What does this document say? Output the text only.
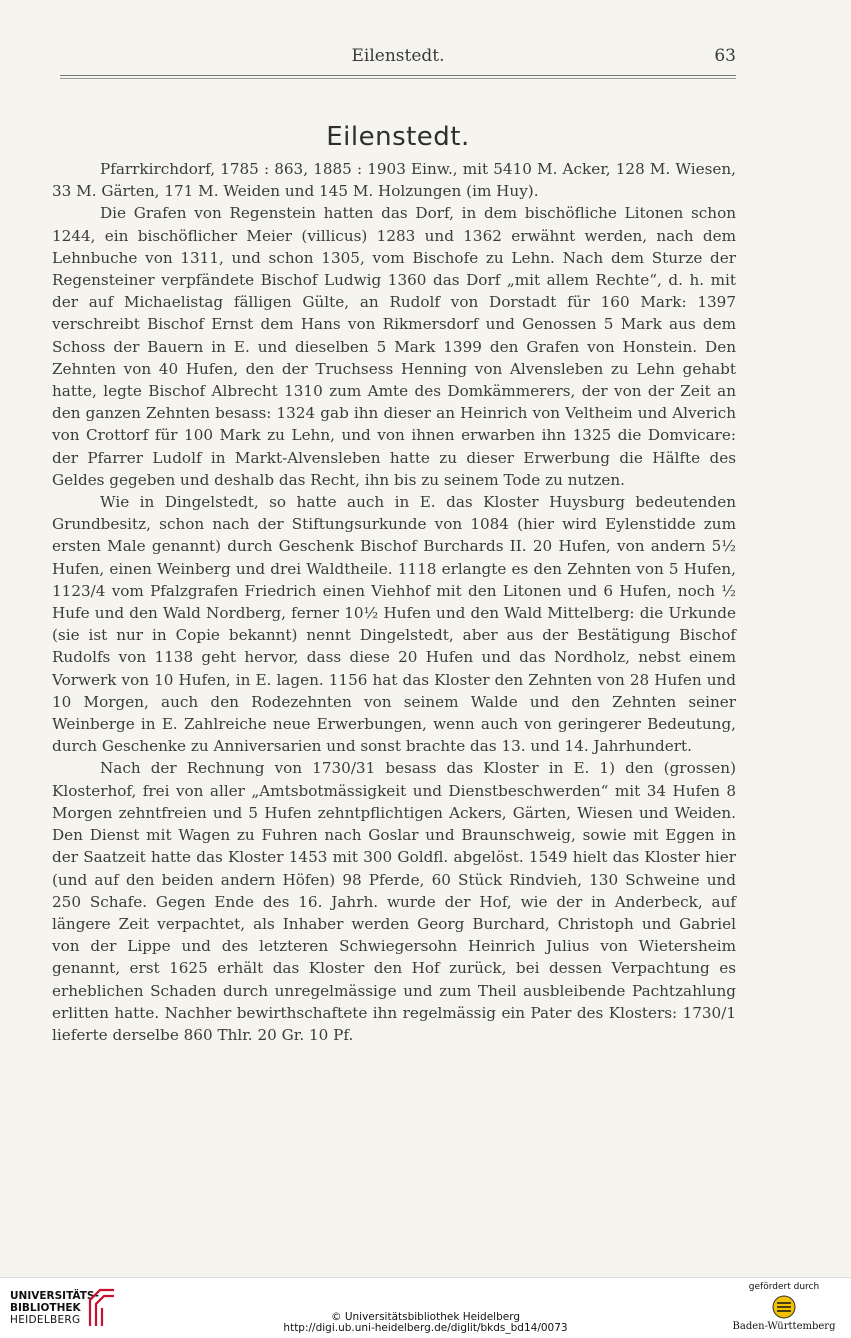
Eilenstedt.	63
Eilenstedt.

Pfarrkirchdorf, 1785 : 863, 1885 : 1903 Einw., mit 5410 M. Acker, 128 M. Wiesen, 33 M. Gärten, 171 M. Weiden und 145 M. Holzungen (im Huy).

Die Grafen von Regenstein hatten das Dorf, in dem bischöfliche Litonen schon 1244, ein bischöflicher Meier (villicus) 1283 und 1362 erwähnt werden, nach dem Lehnbuche von 1311, und schon 1305, vom Bischofe zu Lehn. Nach dem Sturze der Regensteiner verpfändete Bischof Ludwig 1360 das Dorf „mit allem Rechte“, d. h. mit der auf Michaelistag fälligen Gülte, an Rudolf von Dorstadt für 160 Mark: 1397 verschreibt Bischof Ernst dem Hans von Rikmersdorf und Genossen 5 Mark aus dem Schoss der Bauern in E. und dieselben 5 Mark 1399 den Grafen von Honstein. Den Zehnten von 40 Hufen, den der Truchsess Henning von Alvensleben zu Lehn gehabt hatte, legte Bischof Albrecht 1310 zum Amte des Domkämmerers, der von der Zeit an den ganzen Zehnten besass: 1324 gab ihn dieser an Heinrich von Veltheim und Alverich von Crottorf für 100 Mark zu Lehn, und von ihnen erwarben ihn 1325 die Domvicare: der Pfarrer Ludolf in Markt-Alvensleben hatte zu dieser Erwerbung die Hälfte des Geldes gegeben und deshalb das Recht, ihn bis zu seinem Tode zu nutzen.

Wie in Dingelstedt, so hatte auch in E. das Kloster Huysburg bedeutenden Grundbesitz, schon nach der Stiftungsurkunde von 1084 (hier wird Eylenstidde zum ersten Male genannt) durch Geschenk Bischof Burchards II. 20 Hufen, von andern 5½ Hufen, einen Weinberg und drei Waldtheile. 1118 erlangte es den Zehnten von 5 Hufen, 1123/4 vom Pfalzgrafen Friedrich einen Viehhof mit den Litonen und 6 Hufen, noch ½ Hufe und den Wald Nordberg, ferner 10½ Hufen und den Wald Mittelberg: die Urkunde (sie ist nur in Copie bekannt) nennt Dingelstedt, aber aus der Bestätigung Bischof Rudolfs von 1138 geht hervor, dass diese 20 Hufen und das Nordholz, nebst einem Vorwerk von 10 Hufen, in E. lagen. 1156 hat das Kloster den Zehnten von 28 Hufen und 10 Morgen, auch den Rodezehnten von seinem Walde und den Zehnten seiner Weinberge in E. Zahlreiche neue Erwerbungen, wenn auch von geringerer Bedeutung, durch Geschenke zu Anniversarien und sonst brachte das 13. und 14. Jahrhundert.

Nach der Rechnung von 1730/31 besass das Kloster in E. 1) den (grossen) Klosterhof, frei von aller „Amtsbotmässigkeit und Dienstbeschwerden“ mit 34 Hufen 8 Morgen zehntfreien und 5 Hufen zehntpflichtigen Ackers, Gärten, Wiesen und Weiden. Den Dienst mit Wagen zu Fuhren nach Goslar und Braunschweig, sowie mit Eggen in der Saatzeit hatte das Kloster 1453 mit 300 Goldfl. abgelöst. 1549 hielt das Kloster hier (und auf den beiden andern Höfen) 98 Pferde, 60 Stück Rindvieh, 130 Schweine und 250 Schafe. Gegen Ende des 16. Jahrh. wurde der Hof, wie der in Anderbeck, auf längere Zeit verpachtet, als Inhaber werden Georg Burchard, Christoph und Gabriel von der Lippe und des letzteren Schwiegersohn Heinrich Julius von Wietersheim genannt, erst 1625 erhält das Kloster den Hof zurück, bei dessen Verpachtung es erheblichen Schaden durch unregelmässige und zum Theil ausbleibende Pachtzahlung erlitten hatte. Nachher bewirthschaftete ihn regelmässig ein Pater des Klosters: 1730/1 lieferte derselbe 860 Thlr. 20 Gr. 10 Pf.

UNIVERSITÄTS-
BIBLIOTHEK
HEIDELBERG	© Universitätsbibliothek Heidelberg
http://digi.ub.uni-heidelberg.de/diglit/bkds_bd14/0073
gefördert durch
Baden-Württemberg
